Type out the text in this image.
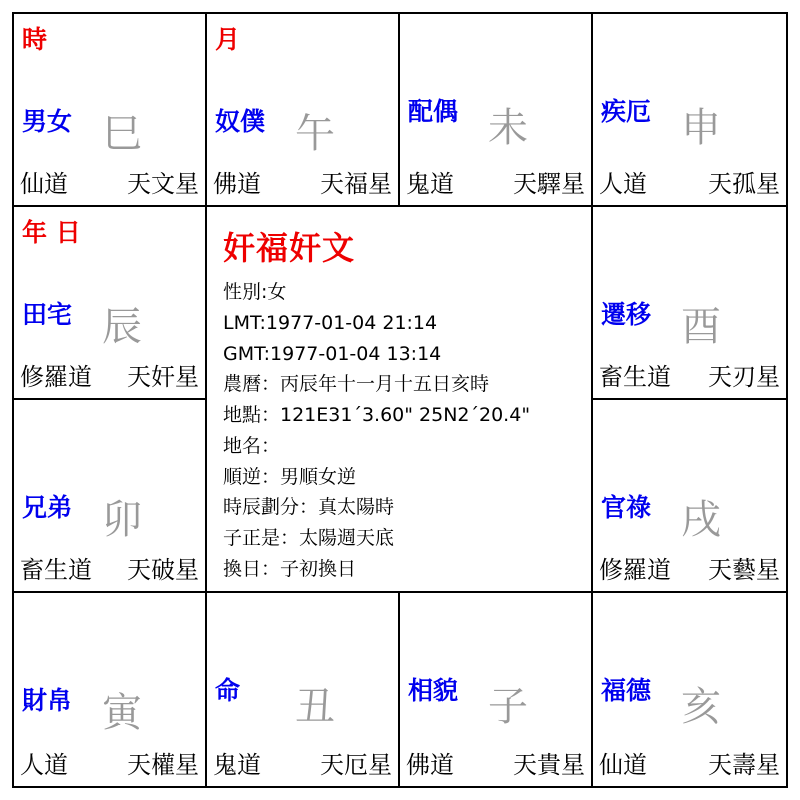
時
男女 巳
仙道 天文星
月
奴僕 午
佛道 天福星
配偶 未
鬼道 天驛星
疾厄 申
人道	天孤星
年 日
田宅 辰
修羅道 天奸星
奸福奸文
性別:女
LMT:1977-01-04 21:14
GMT:1977-01-04 13:14
農曆：丙辰年十一月十五日亥時
地點：121E31´3.60" 25N2´20.4"
地名：
順逆：男順女逆
時辰劃分：真太陽時
子正是：太陽週天底
換日：子初換日
遷移 酉
畜生道 天刃星
兄弟 卯
畜生道 天破星
官祿 戌
修羅道 天藝星
財帛 寅
人道 天權星
命 丑
鬼道 天厄星
相貌 子
佛道 天貴星
福德 亥
仙道	天壽星
